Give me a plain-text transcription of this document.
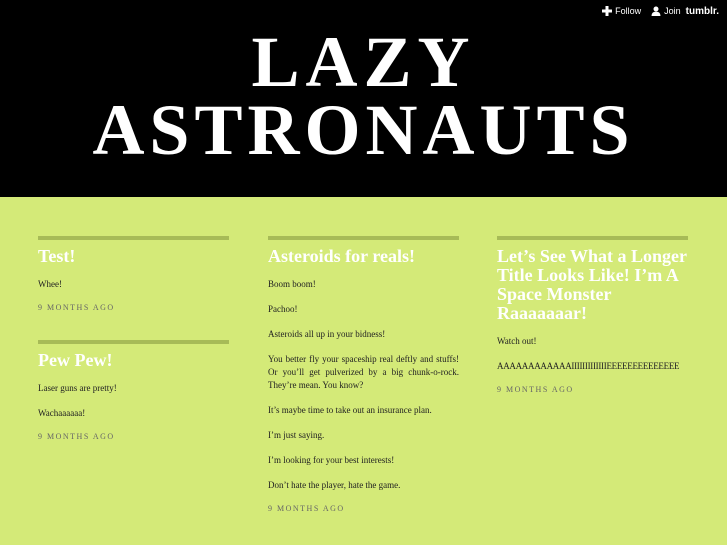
Follow	Join tumblr.
LAZY
ASTRONAUTS
Test!

Whee!

9 MONTHS AGO
Pew Pew!

Laser guns are pretty!

Wachaaaaaa!

9 MONTHS AGO
Asteroids for reals!

Boom boom!

Pachoo!

Asteroids all up in your bidness!

You better fly your spaceship real deftly and stuffs! Or you’ll get pulverized by a big chunk-o-rock. They’re mean. You know?

It’s maybe time to take out an insurance plan.

I’m just saying.

I’m looking for your best interests!

Don’t hate the player, hate the game.

9 MONTHS AGO
Let’s See What a Longer Title Looks Like! I’m A Space Monster Raaaaaaar!

Watch out!

AAAAAAAAAAAAIIIIIIIIIIIIIEEEEEEEEEEEEEE

9 MONTHS AGO
